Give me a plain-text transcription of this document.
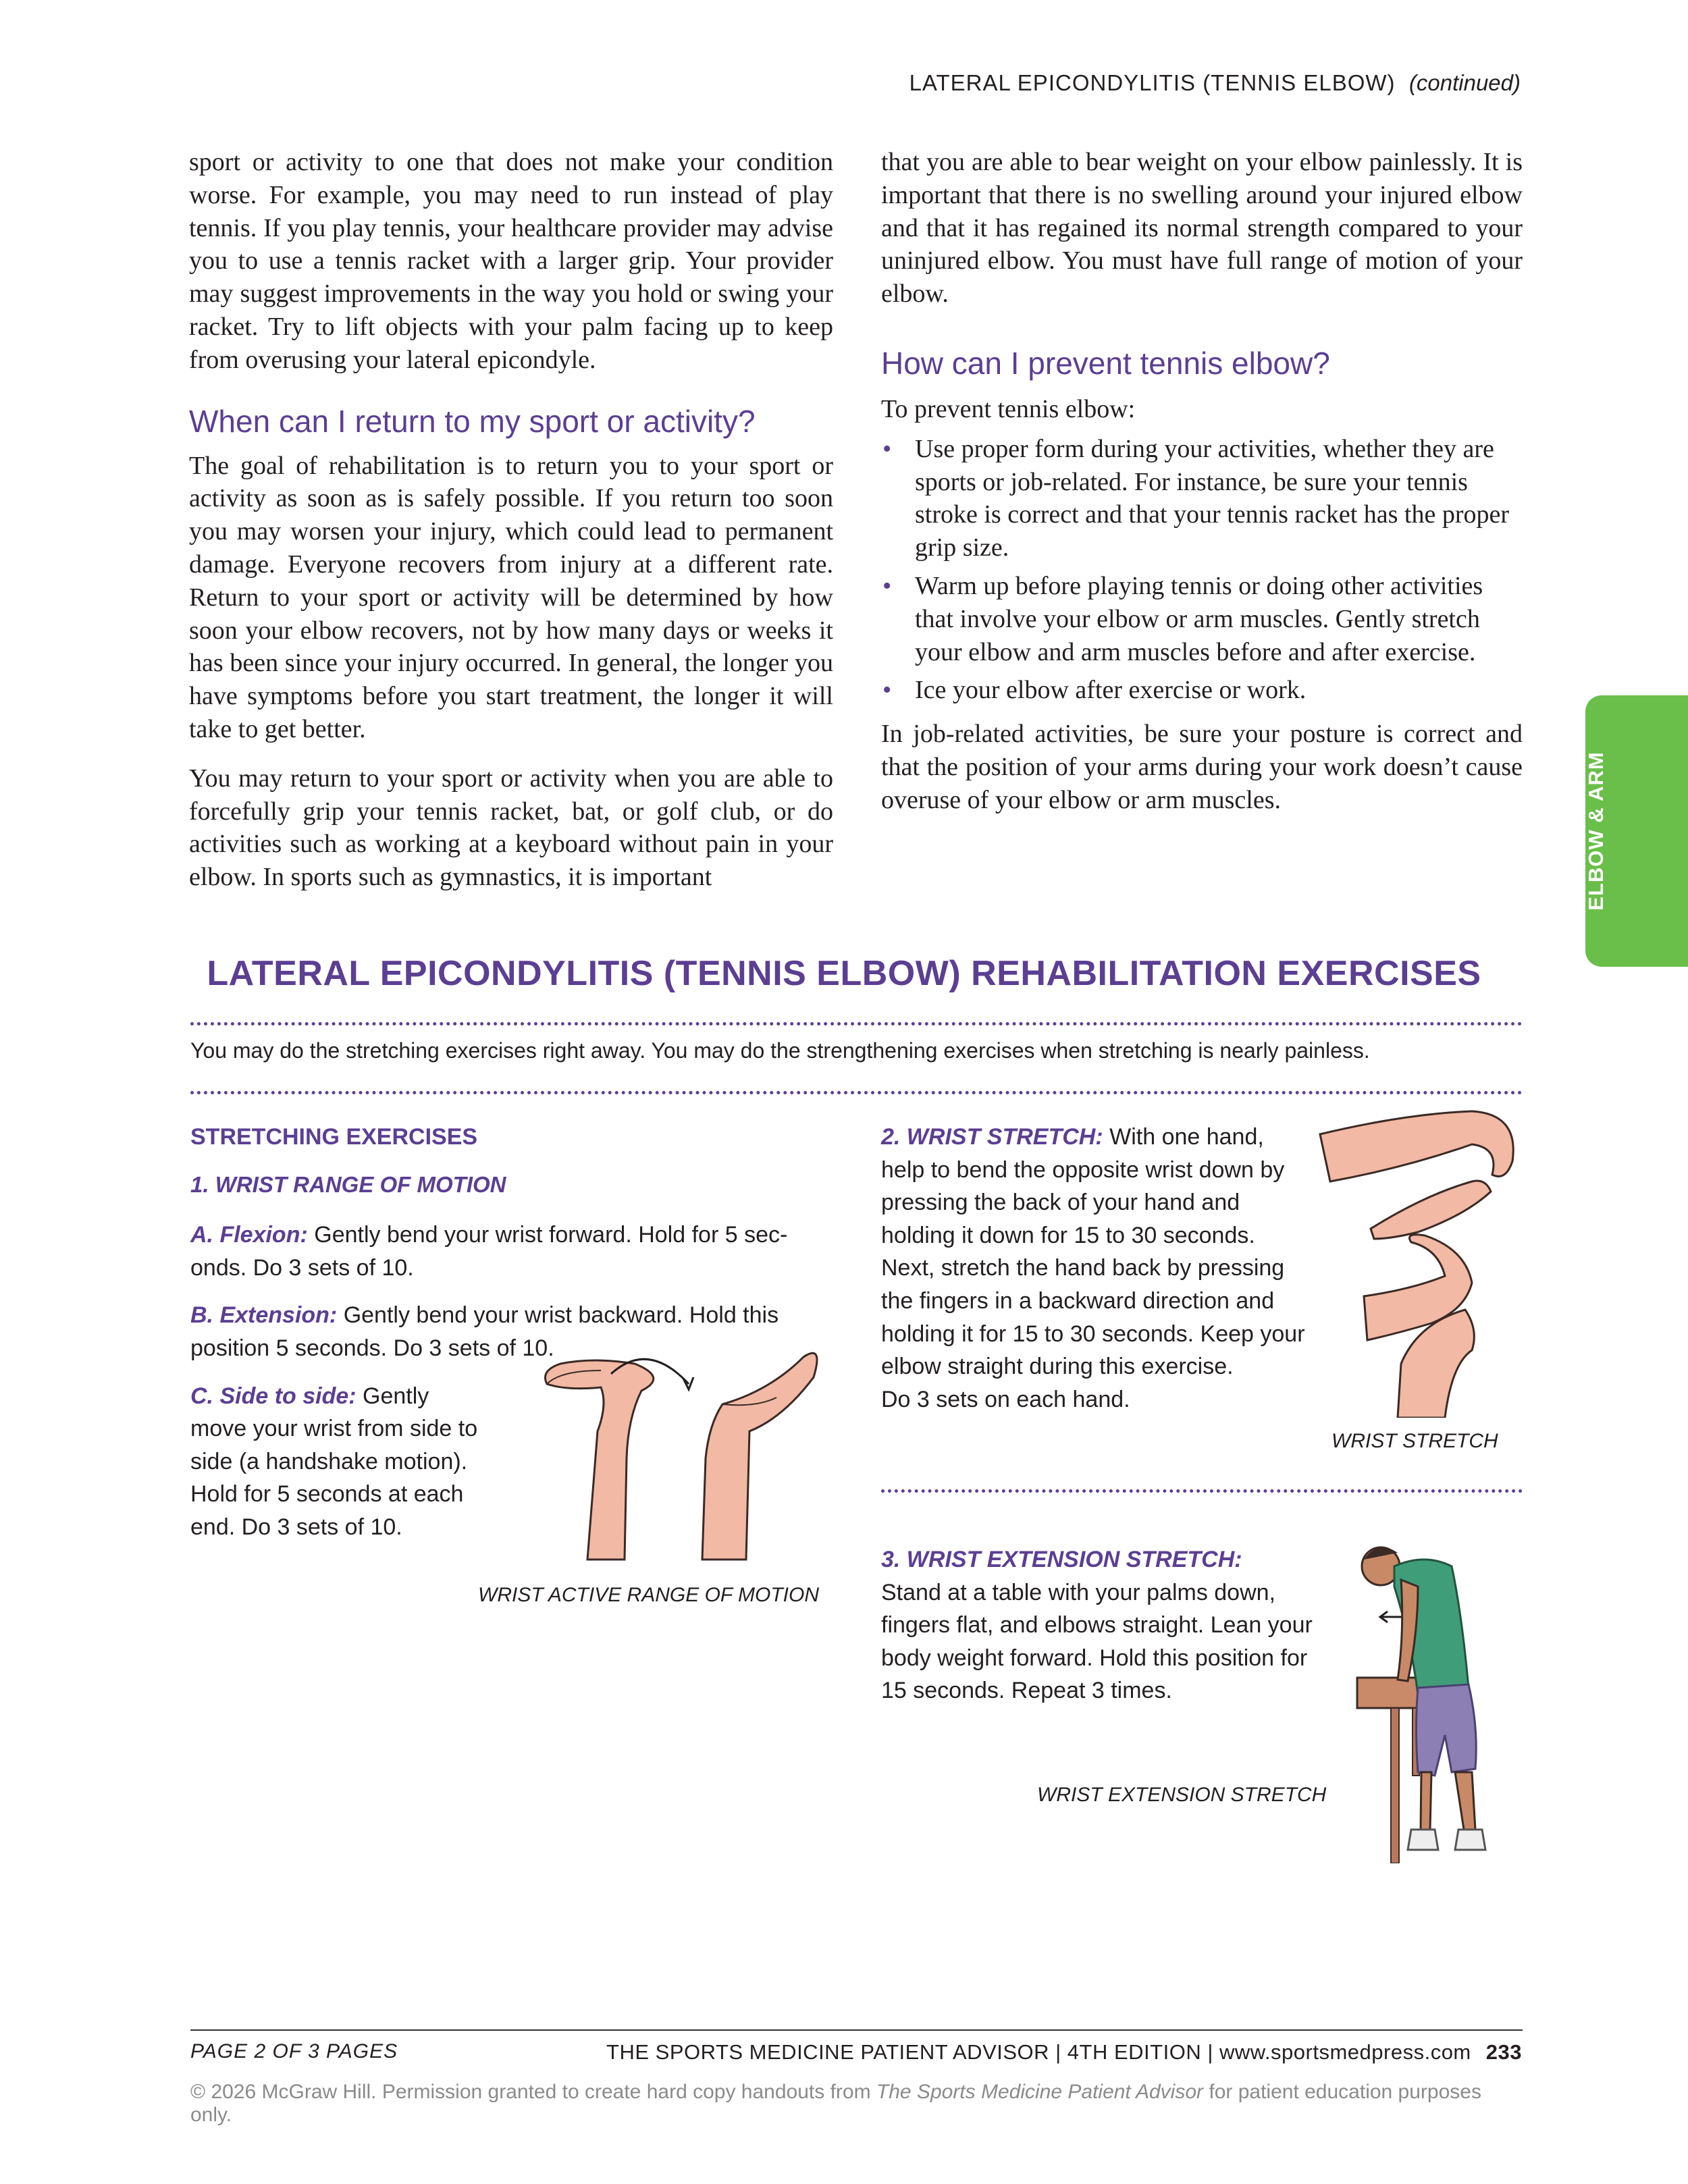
LATERAL EPICONDYLITIS (TENNIS ELBOW) (continued)

sport or activity to one that does not make your condition worse. For example, you may need to run instead of play tennis. If you play tennis, your healthcare provider may advise you to use a tennis racket with a larger grip. Your provider may suggest improvements in the way you hold or swing your racket. Try to lift objects with your palm facing up to keep from overusing your lateral epicondyle.

When can I return to my sport or activity?

The goal of rehabilitation is to return you to your sport or activity as soon as is safely possible. If you return too soon you may worsen your injury, which could lead to permanent damage. Everyone recovers from injury at a different rate. Return to your sport or activity will be determined by how soon your elbow recovers, not by how many days or weeks it has been since your injury occurred. In general, the longer you have symptoms before you start treatment, the longer it will take to get better.

You may return to your sport or activity when you are able to forcefully grip your tennis racket, bat, or golf club, or do activities such as working at a keyboard without pain in your elbow. In sports such as gymnastics, it is important

that you are able to bear weight on your elbow painlessly. It is important that there is no swelling around your injured elbow and that it has regained its normal strength compared to your uninjured elbow. You must have full range of motion of your elbow.

How can I prevent tennis elbow?

To prevent tennis elbow:

• Use proper form during your activities, whether they are sports or job-related. For instance, be sure your tennis stroke is correct and that your tennis racket has the proper grip size.
• Warm up before playing tennis or doing other activities that involve your elbow or arm muscles. Gently stretch your elbow and arm muscles before and after exercise.
• Ice your elbow after exercise or work.

In job-related activities, be sure your posture is correct and that the position of your arms during your work doesn’t cause overuse of your elbow or arm muscles.	ELBOW & ARM
LATERAL EPICONDYLITIS (TENNIS ELBOW) REHABILITATION EXERCISES
You may do the stretching exercises right away. You may do the strengthening exercises when stretching is nearly painless.
STRETCHING EXERCISES
1. WRIST RANGE OF MOTION

A. Flexion: Gently bend your wrist forward. Hold for 5 seconds. Do 3 sets of 10.

B. Extension: Gently bend your wrist backward. Hold this position 5 seconds. Do 3 sets of 10.

C. Side to side: Gently move your wrist from side to side (a handshake motion). Hold for 5 seconds at each end. Do 3 sets of 10.

WRIST ACTIVE RANGE OF MOTION

2. WRIST STRETCH: With one hand, help to bend the opposite wrist down by pressing the back of your hand and holding it down for 15 to 30 seconds. Next, stretch the hand back by pressing the fingers in a backward direction and holding it for 15 to 30 seconds. Keep your elbow straight during this exercise.

Do 3 sets on each hand.

WRIST STRETCH
3. WRIST EXTENSION STRETCH:

Stand at a table with your palms down, fingers flat, and elbows straight. Lean your body weight forward. Hold this position for 15 seconds. Repeat 3 times.

WRIST EXTENSION STRETCH
PAGE 2 OF 3 PAGES	THE SPORTS MEDICINE PATIENT ADVISOR | 4TH EDITION | www.sportsmedpress.com 233
© 2026 McGraw Hill. Permission granted to create hard copy handouts from The Sports Medicine Patient Advisor for patient education purposes only.
